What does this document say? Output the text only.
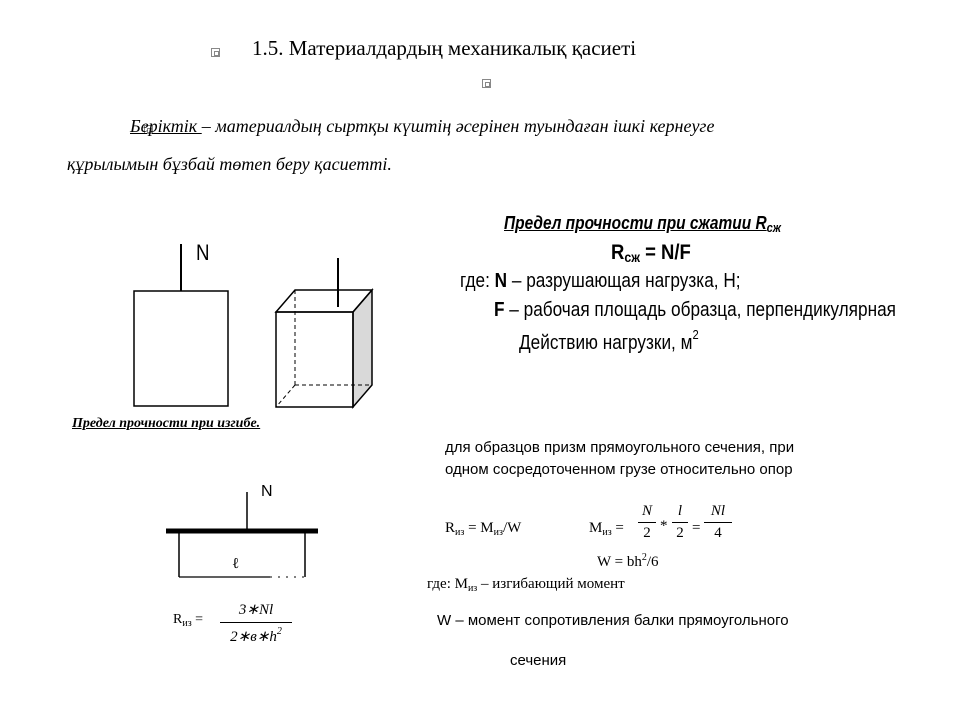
1.5. Материалдардың механикалық қасиеті

Беріктік – материалдың сыртқы күштің әсерінен туындаған ішкі кернеуге
құрылымын бұзбай төтеп беру қасиетті.
N
Предел прочности при сжатии Rсж
Rсж = N/F
где: N – разрушающая нагрузка, Н;
F – рабочая площадь образца, перпендикулярная
Действию нагрузки, $м^2$
Предел прочности при изгибе.
для образцов призм прямоугольного сечения, при
одном сосредоточенном грузе относительно опор
N
ℓ
$R_{из} = M_{из}/W$	$M_{из} = \frac{N}{2} * \frac{l}{2} = \frac{Nl}{4}$
$W = bh^2/6$
где: $M_{из}$ – изгибающий момент
W – момент сопротивления балки прямоугольного
сечения
$R_{из}$ =
3∗Nl
$2∗в∗h^2$
